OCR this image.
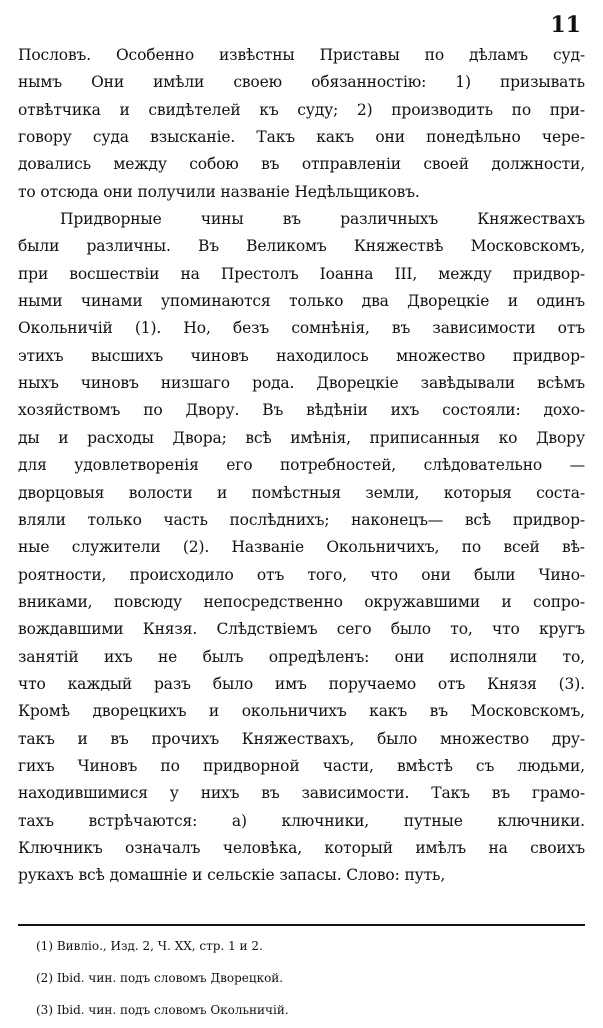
11
Пословъ. Особенно извѣстны Приставы по дѣламъ суд-
нымъ Они имѣли своею обязанностію: 1) призывать
отвѣтчика и свидѣтелей къ суду; 2) производить по при-
говору суда взысканіе. Такъ какъ они понедѣльно чере-
довались между собою въ отправленіи своей должности,
то отсюда они получили названіе Недѣльщиковъ.
Придворные	чины	въ	различныхъ	Княжествахъ
были различны. Въ Великомъ Княжествѣ Московскомъ,
при восшествіи на Престолъ Іоанна III, между придвор-
ными чинами упоминаются только два Дворецкіе и одинъ
Окольничій (1). Но, безъ сомнѣнія, въ зависимости отъ
этихъ высшихъ чиновъ находилось множество придвор-
ныхъ чиновъ низшаго рода. Дворецкіе завѣдывали всѣмъ
хозяйствомъ по Двору. Въ вѣдѣніи ихъ состояли: дохо-
ды и расходы Двора; всѣ имѣнія, приписанныя ко Двору
для удовлетворенія его потребностей, слѣдовательно —
дворцовыя волости и помѣстныя земли, которыя соста-
вляли только часть послѣднихъ; наконецъ— всѣ придвор-
ные служители (2). Названіе Окольничихъ, по всей вѣ-
роятности, происходило отъ того, что они были Чино-
вниками, повсюду непосредственно окружавшими и сопро-
вождавшими Князя. Слѣдствіемъ сего было то, что кругъ
занятій ихъ не былъ опредѣленъ: они исполняли то,
что каждый разъ было имъ поручаемо отъ Князя (3).
Кромѣ дворецкихъ и окольничихъ какъ въ Московскомъ,
такъ и въ прочихъ Княжествахъ, было множество дру-
гихъ Чиновъ по придворной части, вмѣстѣ съ людьми,
находившимися у нихъ въ зависимости. Такъ въ грамо-
тахъ встрѣчаются: а) ключники, путные ключники.
Ключникъ означалъ человѣка, который имѣлъ на своихъ
рукахъ всѣ домашніе и сельскіе запасы. Слово: путь,
(1) Вивліо., Изд. 2, Ч. XX, стр. 1 и 2.
(2) Ibid. чин. подъ словомъ Дворецкой.
(3) Ibid. чин. подъ словомъ Окольничій.
